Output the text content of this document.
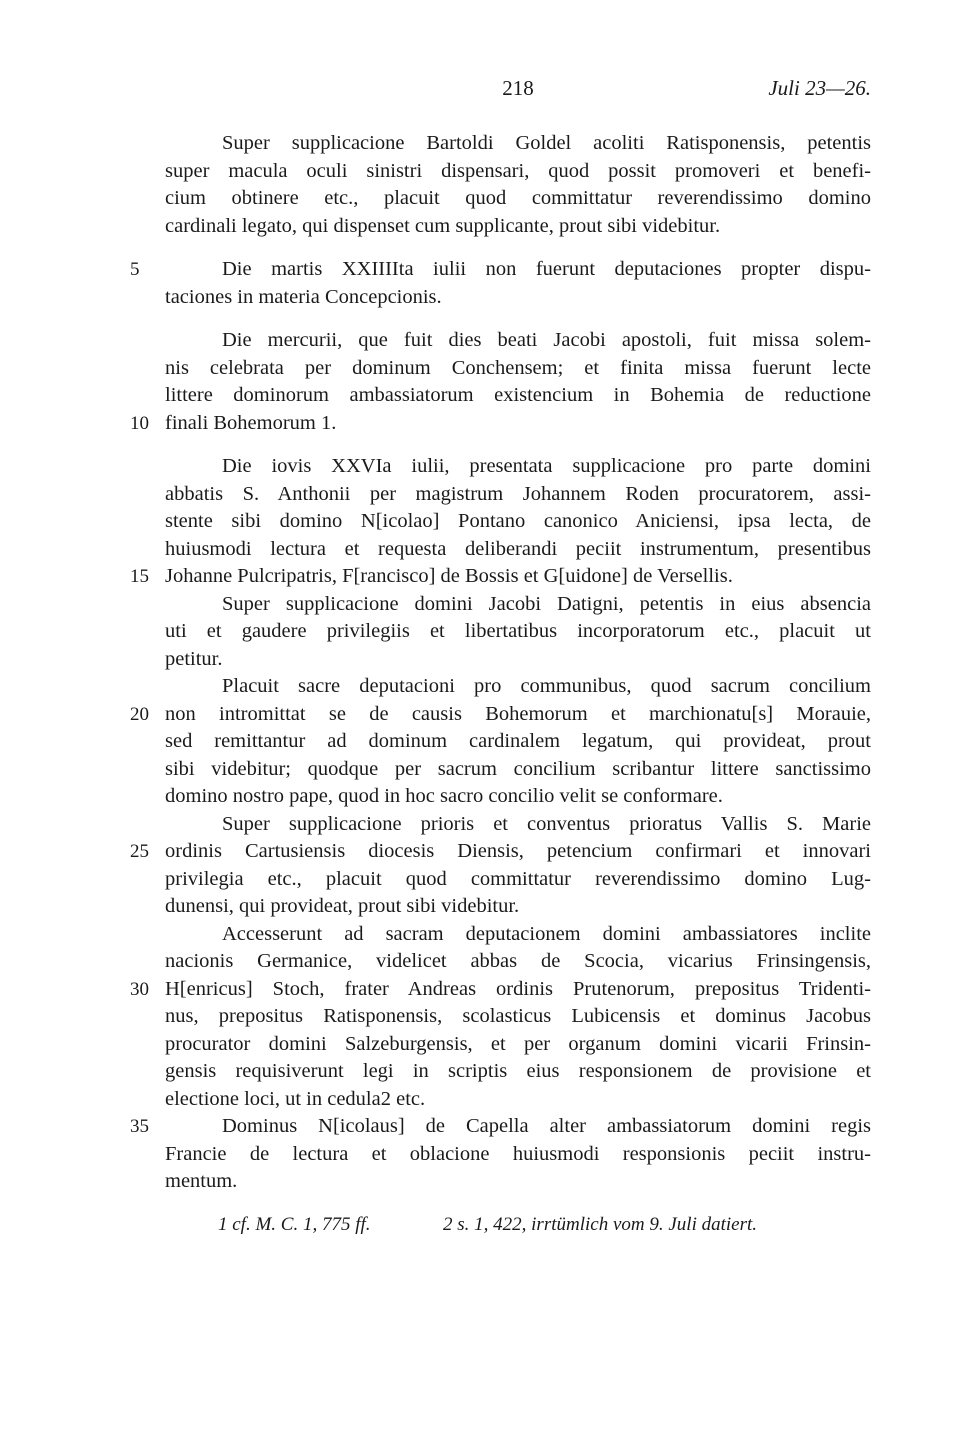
218	Juli 23—26.
Super supplicacione Bartoldi Goldel acoliti Ratisponensis, petentis
super macula oculi sinistri dispensari, quod possit promoveri et benefi-
cium obtinere etc., placuit quod committatur reverendissimo domino
cardinali legato, qui dispenset cum supplicante, prout sibi videbitur.
5	Die martis XXIIIIta iulii non fuerunt deputaciones propter dispu-
taciones in materia Concepcionis.
Die mercurii, que fuit dies beati Jacobi apostoli, fuit missa solem-
nis celebrata per dominum Conchensem; et finita missa fuerunt lecte
littere dominorum ambassiatorum existencium in Bohemia de reductione
10 finali Bohemorum 1.
Die iovis XXVIa iulii, presentata supplicacione pro parte domini
abbatis S. Anthonii per magistrum Johannem Roden procuratorem, assi-
stente sibi domino N[icolao] Pontano canonico Aniciensi, ipsa lecta, de
huiusmodi lectura et requesta deliberandi peciit instrumentum, presentibus
15 Johanne Pulcripatris, F[rancisco] de Bossis et G[uidone] de Versellis.
Super supplicacione domini Jacobi Datigni, petentis in eius absencia
uti et gaudere privilegiis et libertatibus incorporatorum etc., placuit ut
petitur.
Placuit sacre deputacioni pro communibus, quod sacrum concilium
20 non intromittat se de causis Bohemorum et marchionatu[s] Morauie,
sed remittantur ad dominum cardinalem legatum, qui provideat, prout
sibi videbitur; quodque per sacrum concilium scribantur littere sanctissimo
domino nostro pape, quod in hoc sacro concilio velit se conformare.
Super supplicacione prioris et conventus prioratus Vallis S. Marie
25 ordinis Cartusiensis diocesis Diensis, petencium confirmari et innovari
privilegia etc., placuit quod committatur reverendissimo domino Lug-
dunensi, qui provideat, prout sibi videbitur.
Accesserunt ad sacram deputacionem domini ambassiatores inclite
nacionis Germanice, videlicet abbas de Scocia, vicarius Frinsingensis,
30 H[enricus] Stoch, frater Andreas ordinis Prutenorum, prepositus Tridenti-
nus, prepositus Ratisponensis, scolasticus Lubicensis et dominus Jacobus
procurator domini Salzeburgensis, et per organum domini vicarii Frinsin-
gensis requisiverunt legi in scriptis eius responsionem de provisione et
electione loci, ut in cedula2 etc.
35	Dominus N[icolaus] de Capella alter ambassiatorum domini regis
Francie de lectura et oblacione huiusmodi responsionis peciit instru-
mentum.
1 cf. M. C. 1, 775 ff.	2 s. 1, 422, irrtümlich vom 9. Juli datiert.
